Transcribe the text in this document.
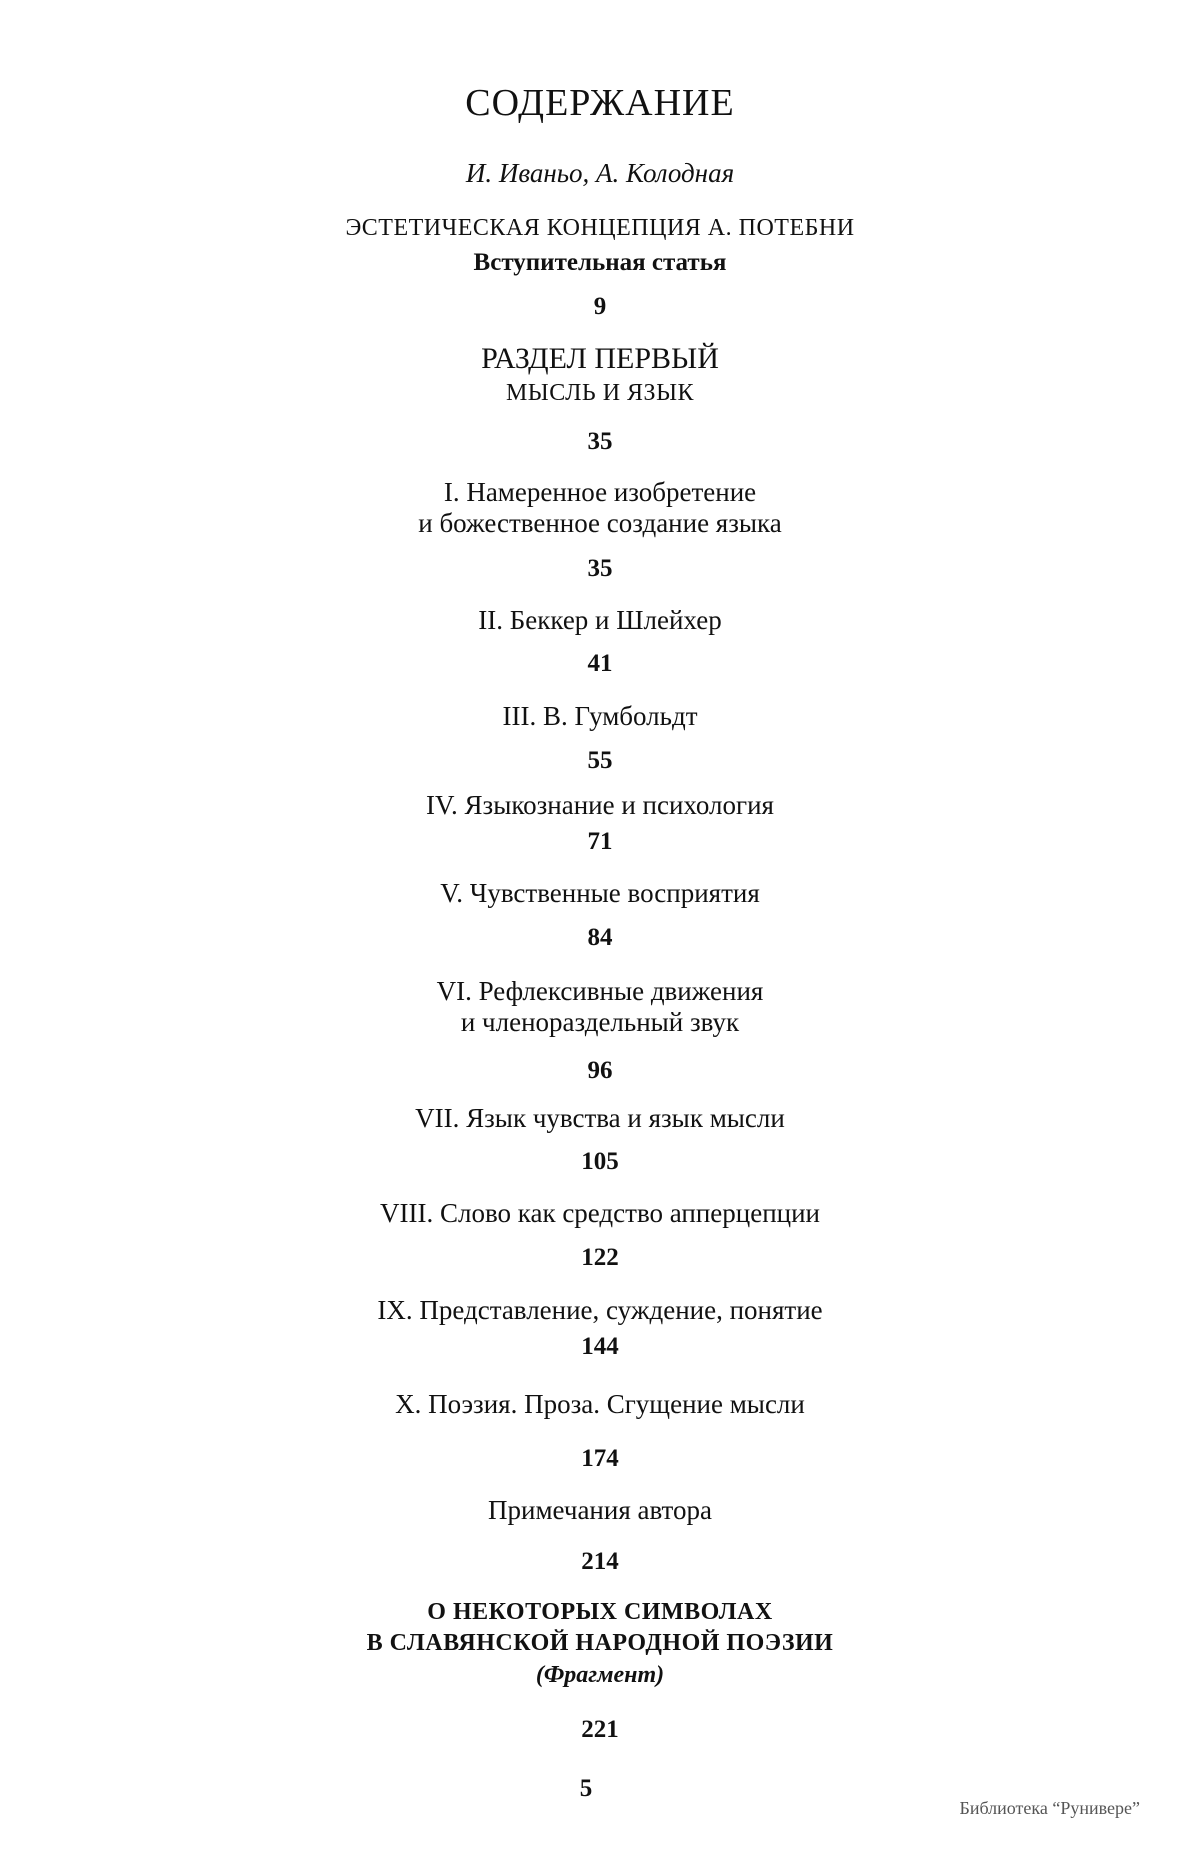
СОДЕРЖАНИЕ
И. Иваньо, А. Колодная
ЭСТЕТИЧЕСКАЯ КОНЦЕПЦИЯ А. ПОТЕБНИ
Вступительная статья
9
РАЗДЕЛ ПЕРВЫЙ
МЫСЛЬ И ЯЗЫК
35
I. Намеренное изобретение
и божественное создание языка
35
II. Беккер и Шлейхер
41
III. В. Гумбольдт
55
IV. Языкознание и психология
71
V. Чувственные восприятия
84
VI. Рефлексивные движения
и членораздельный звук
96
VII. Язык чувства и язык мысли
105
VIII. Слово как средство апперцепции
122
IX. Представление, суждение, понятие
144
X. Поэзия. Проза. Сгущение мысли
174
Примечания автора
214
О НЕКОТОРЫХ СИМВОЛАХ
В СЛАВЯНСКОЙ НАРОДНОЙ ПОЭЗИИ
(Фрагмент)
221
5
Библиотека “Рунивере”
